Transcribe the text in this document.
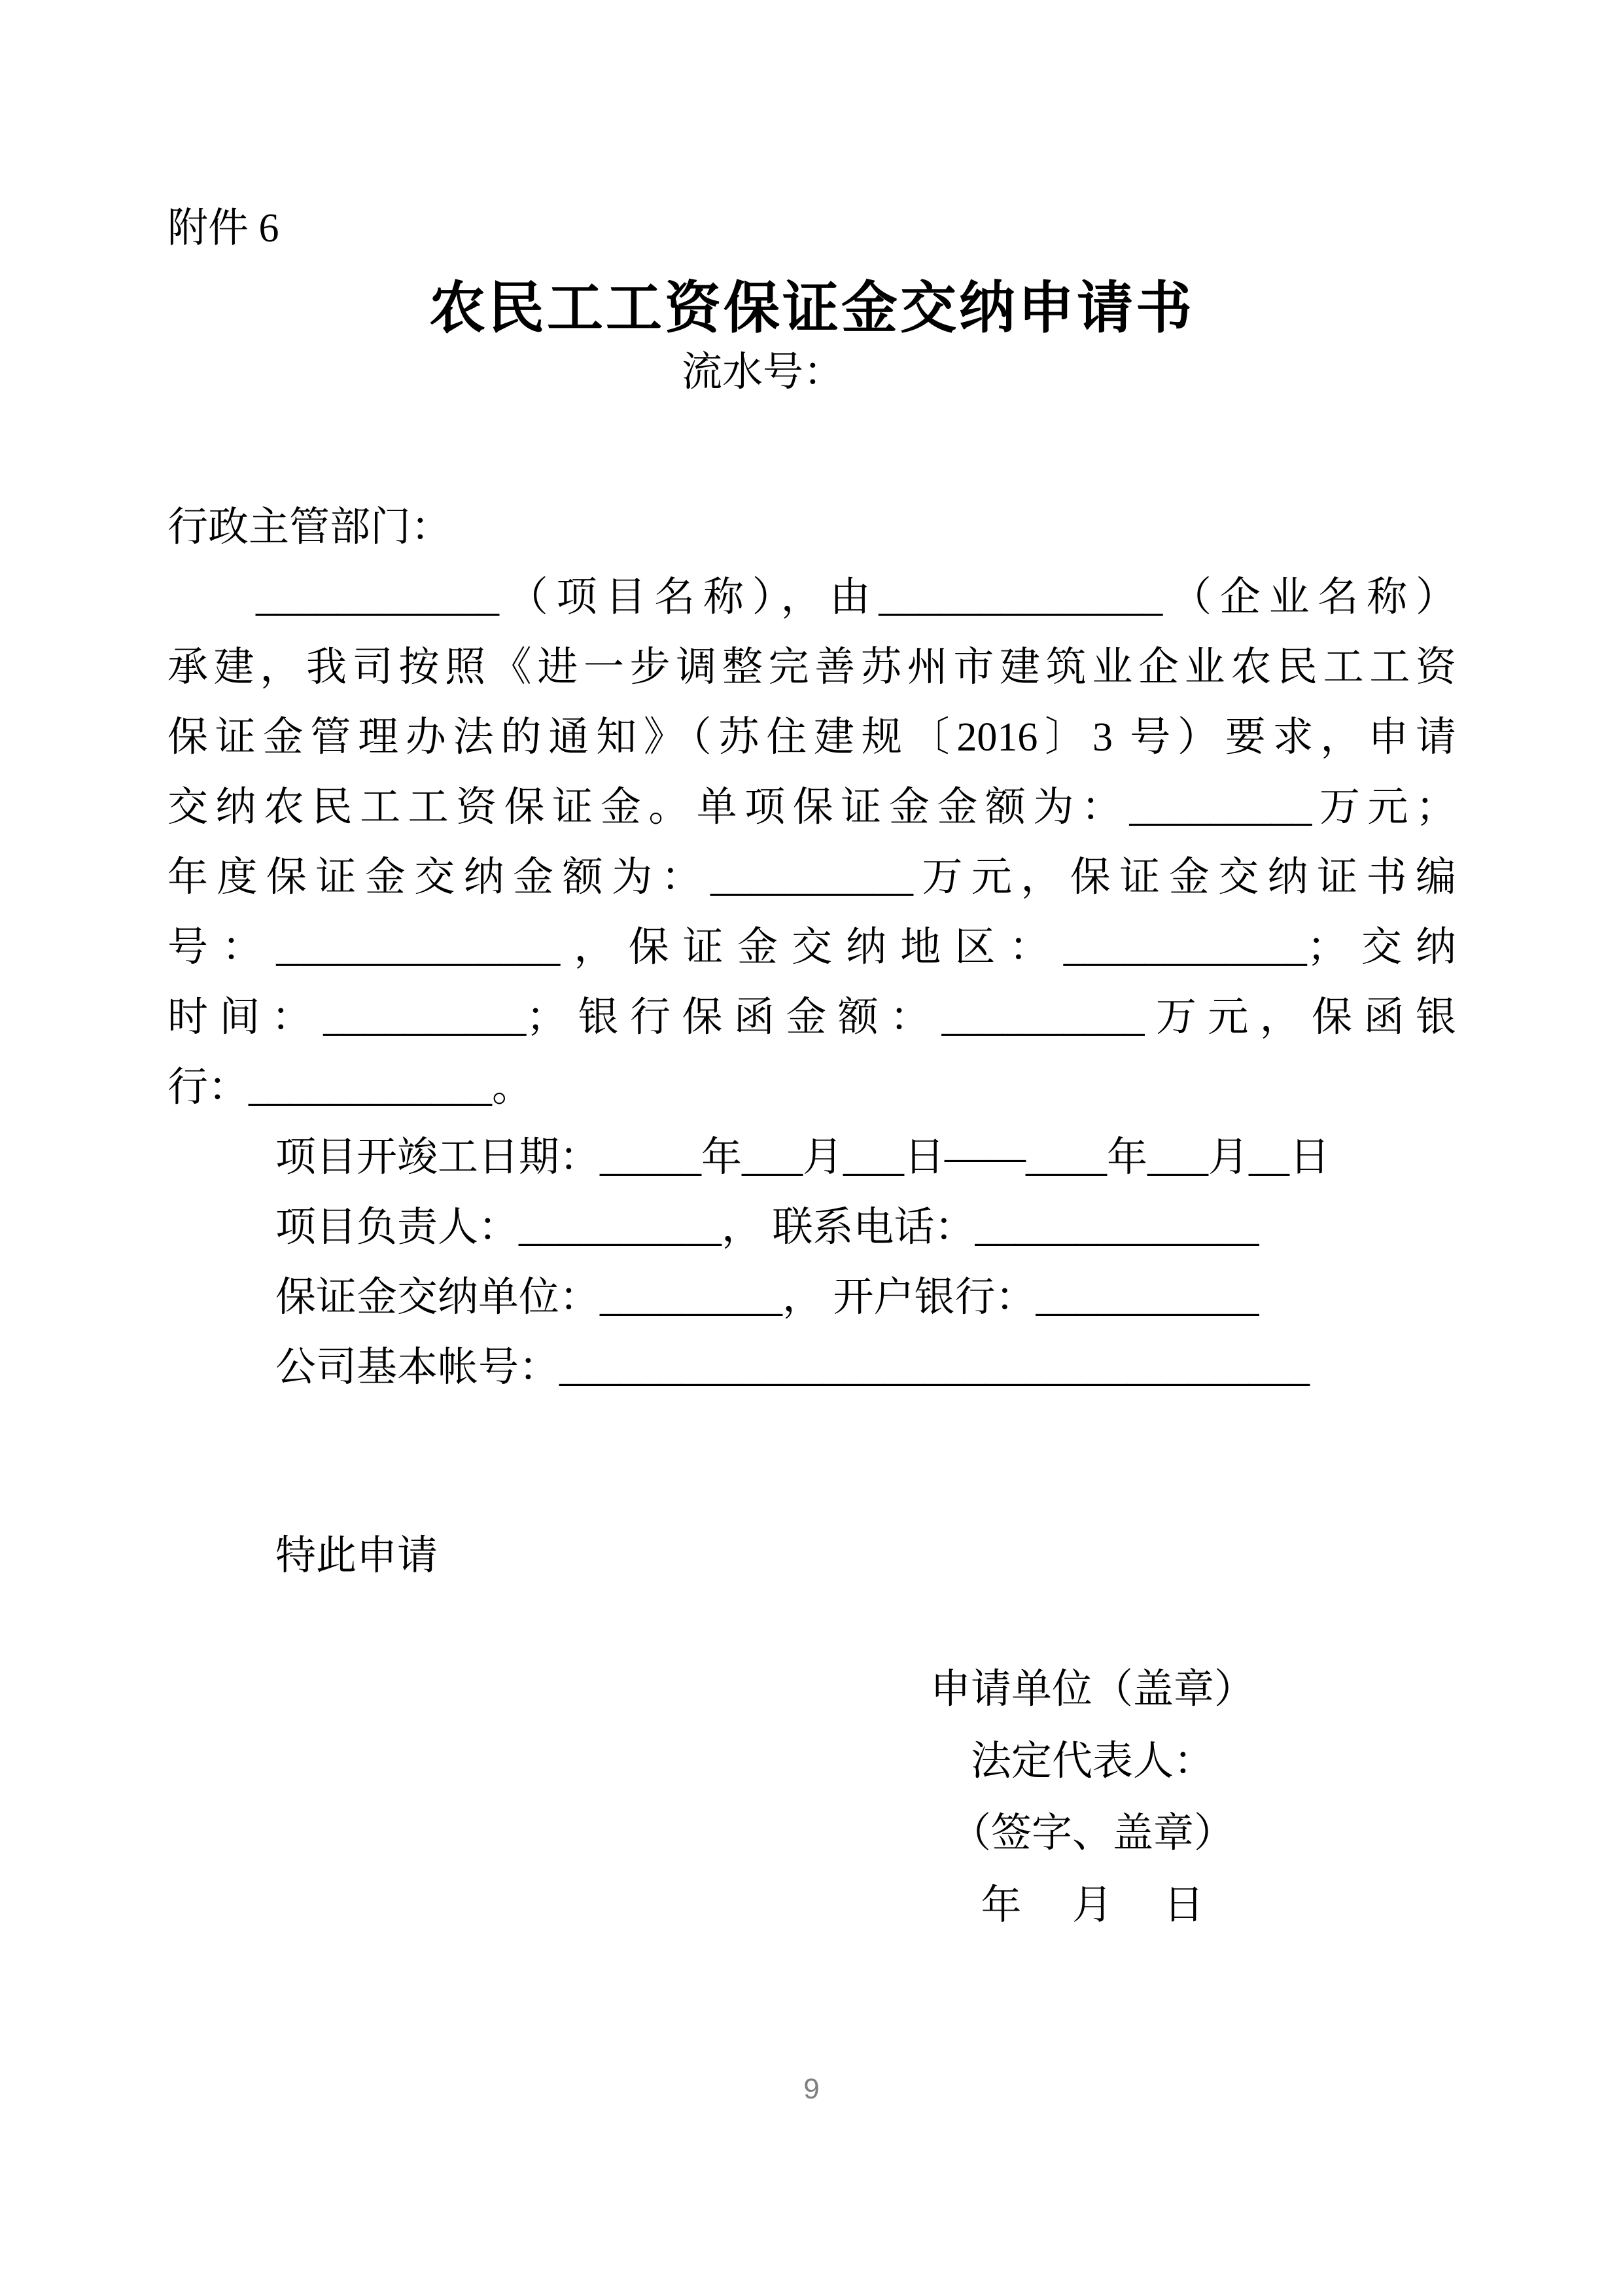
附件 6
农民工工资保证金交纳申请书
流水号：
行政主管部门：
____________（项目名称），由______________（企业名称）
承建，我司按照《进一步调整完善苏州市建筑业企业农民工工资
保证金管理办法的通知》（苏住建规〔2016〕3 号）要求，申请
交纳农民工工资保证金。单项保证金金额为：_________万元；
年度保证金交纳金额为：__________万元，保证金交纳证书编
号：______________，保证金交纳地区：____________；交纳
时间：__________；银行保函金额：__________万元，保函银
行：____________。
项目开竣工日期：_____年___月___日——____年___月__日
项目负责人：__________， 联系电话：______________
保证金交纳单位：_________， 开户银行：___________
公司基本帐号：_____________________________________
特此申请
申请单位（盖章）
法定代表人：
（签字、盖章）
年　 月　 日
9
